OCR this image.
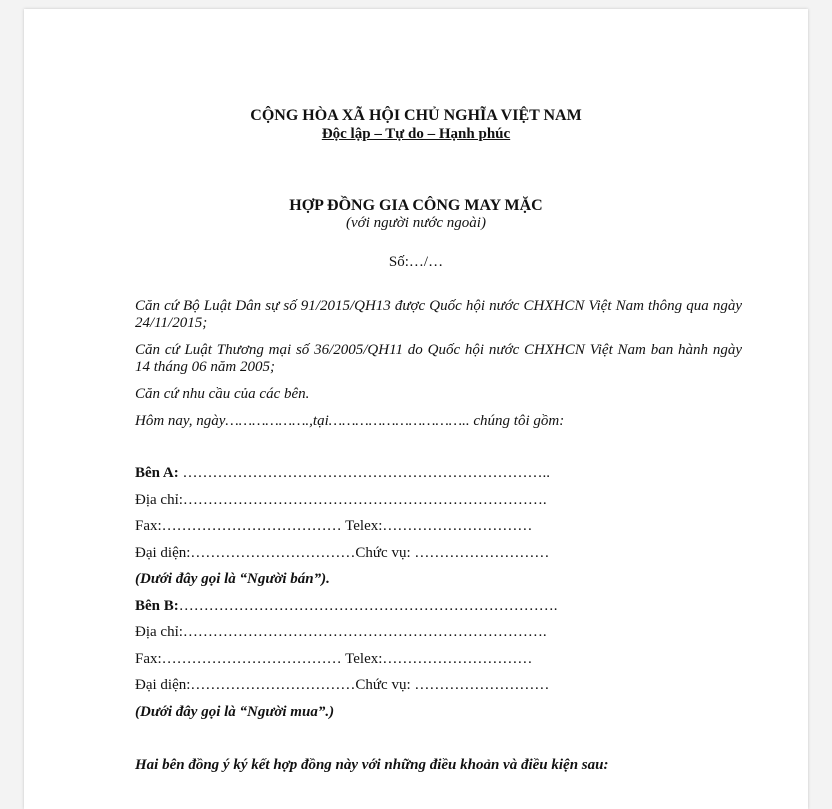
CỘNG HÒA XÃ HỘI CHỦ NGHĨA VIỆT NAM
Độc lập – Tự do – Hạnh phúc
HỢP ĐỒNG GIA CÔNG MAY MẶC
(với người nước ngoài)
Số:…/…
Căn cứ Bộ Luật Dân sự số 91/2015/QH13 được Quốc hội nước CHXHCN Việt Nam thông qua ngày 24/11/2015;
Căn cứ Luật Thương mại số 36/2005/QH11 do Quốc hội nước CHXHCN Việt Nam ban hành ngày 14 tháng 06 năm 2005;
Căn cứ nhu cầu của các bên.
Hôm nay, ngày……………….,tại………………………….. chúng tôi gồm:
Bên A: ………………………………………………………………..
Địa chỉ:……………………………………………………………….
Fax:……………………………… Telex:…………………………
Đại diện:……………………………Chức vụ: ………………………
(Dưới đây gọi là “Người bán”).
Bên B:………………………………………………………………….
Địa chỉ:……………………………………………………………….
Fax:……………………………… Telex:…………………………
Đại diện:……………………………Chức vụ: ………………………
(Dưới đây gọi là “Người mua”.)
Hai bên đồng ý ký kết hợp đồng này với những điều khoản và điều kiện sau:
